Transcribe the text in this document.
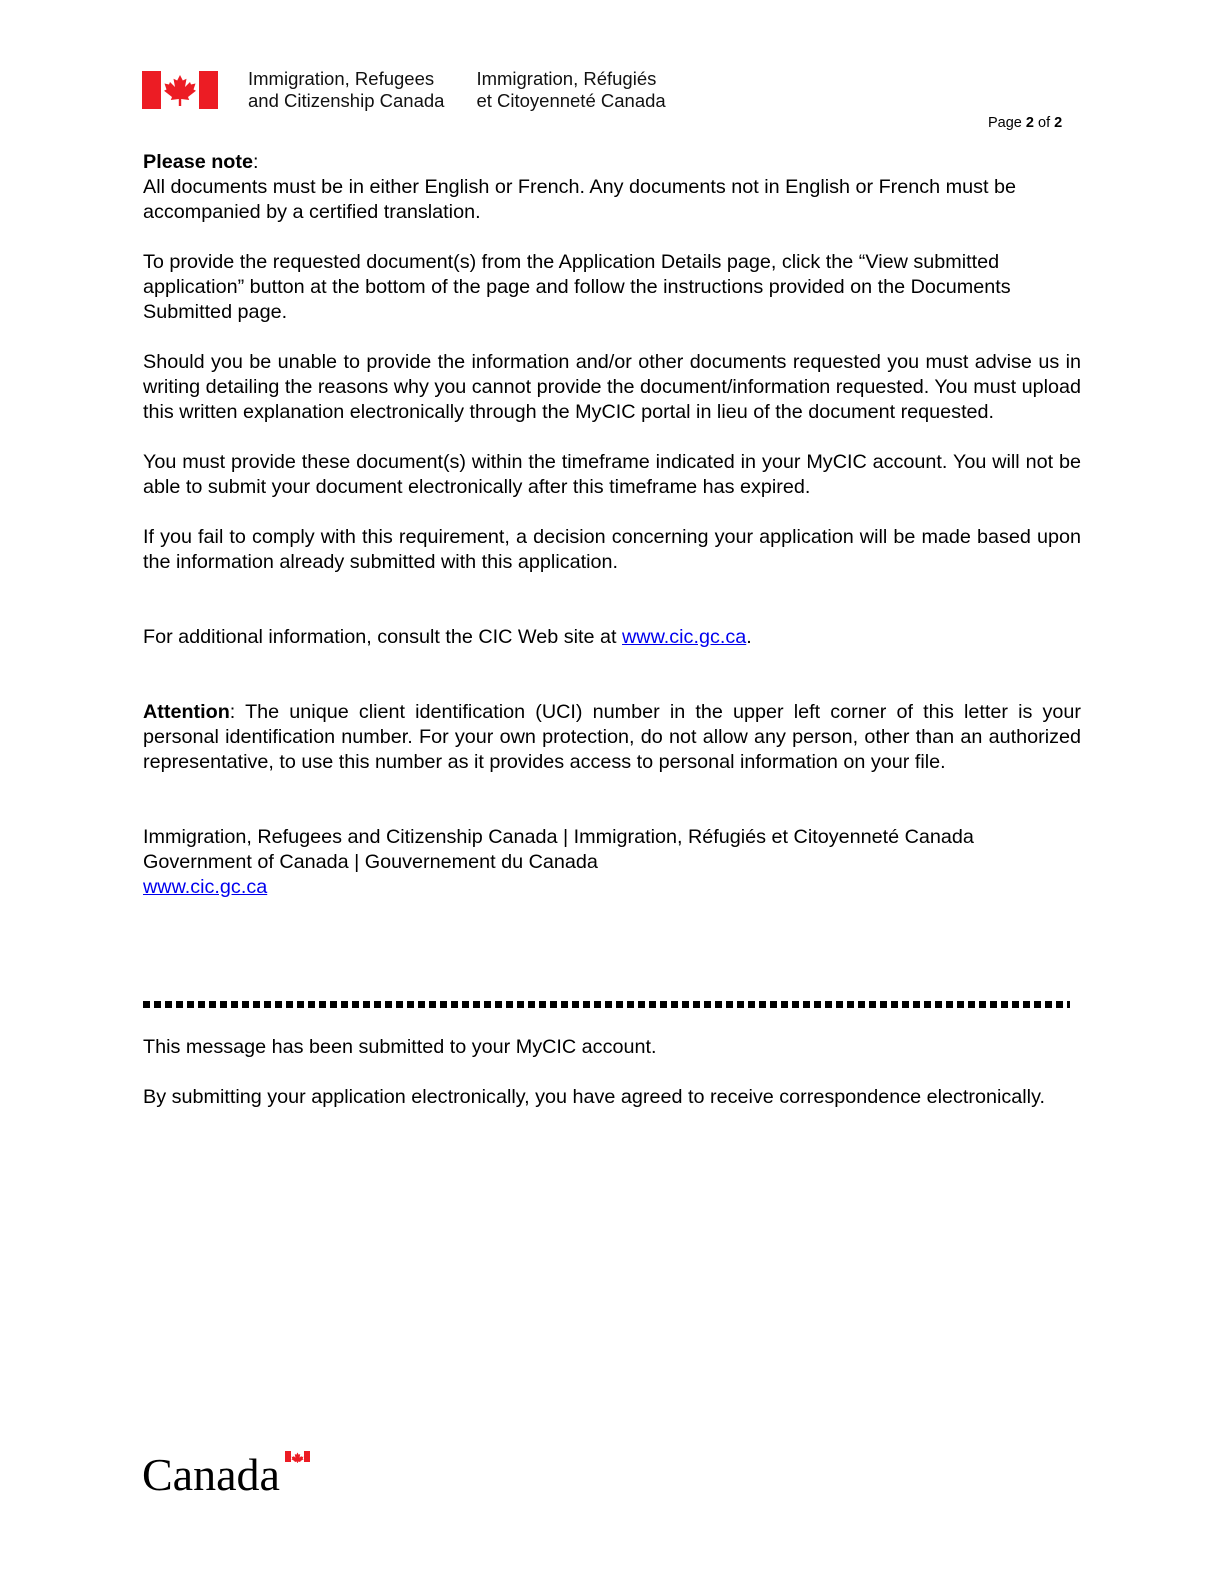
Immigration, Refugees
and Citizenship Canada
Immigration, Réfugiés
et Citoyenneté Canada
Page 2 of 2

Please note:

All documents must be in either English or French. Any documents not in English or French must be accompanied by a certified translation.

To provide the requested document(s) from the Application Details page, click the “View submitted application” button at the bottom of the page and follow the instructions provided on the Documents Submitted page.

Should you be unable to provide the information and/or other documents requested you must advise us in writing detailing the reasons why you cannot provide the document/information requested. You must upload this written explanation electronically through the MyCIC portal in lieu of the document requested.

You must provide these document(s) within the timeframe indicated in your MyCIC account. You will not be able to submit your document electronically after this timeframe has expired.

If you fail to comply with this requirement, a decision concerning your application will be made based upon the information already submitted with this application.

For additional information, consult the CIC Web site at www.cic.gc.ca.

Attention: The unique client identification (UCI) number in the upper left corner of this letter is your personal identification number. For your own protection, do not allow any person, other than an authorized representative, to use this number as it provides access to personal information on your file.

Immigration, Refugees and Citizenship Canada | Immigration, Réfugiés et Citoyenneté Canada

Government of Canada | Gouvernement du Canada

www.cic.gc.ca

This message has been submitted to your MyCIC account.

By submitting your application electronically, you have agreed to receive correspondence electronically.

Canada
